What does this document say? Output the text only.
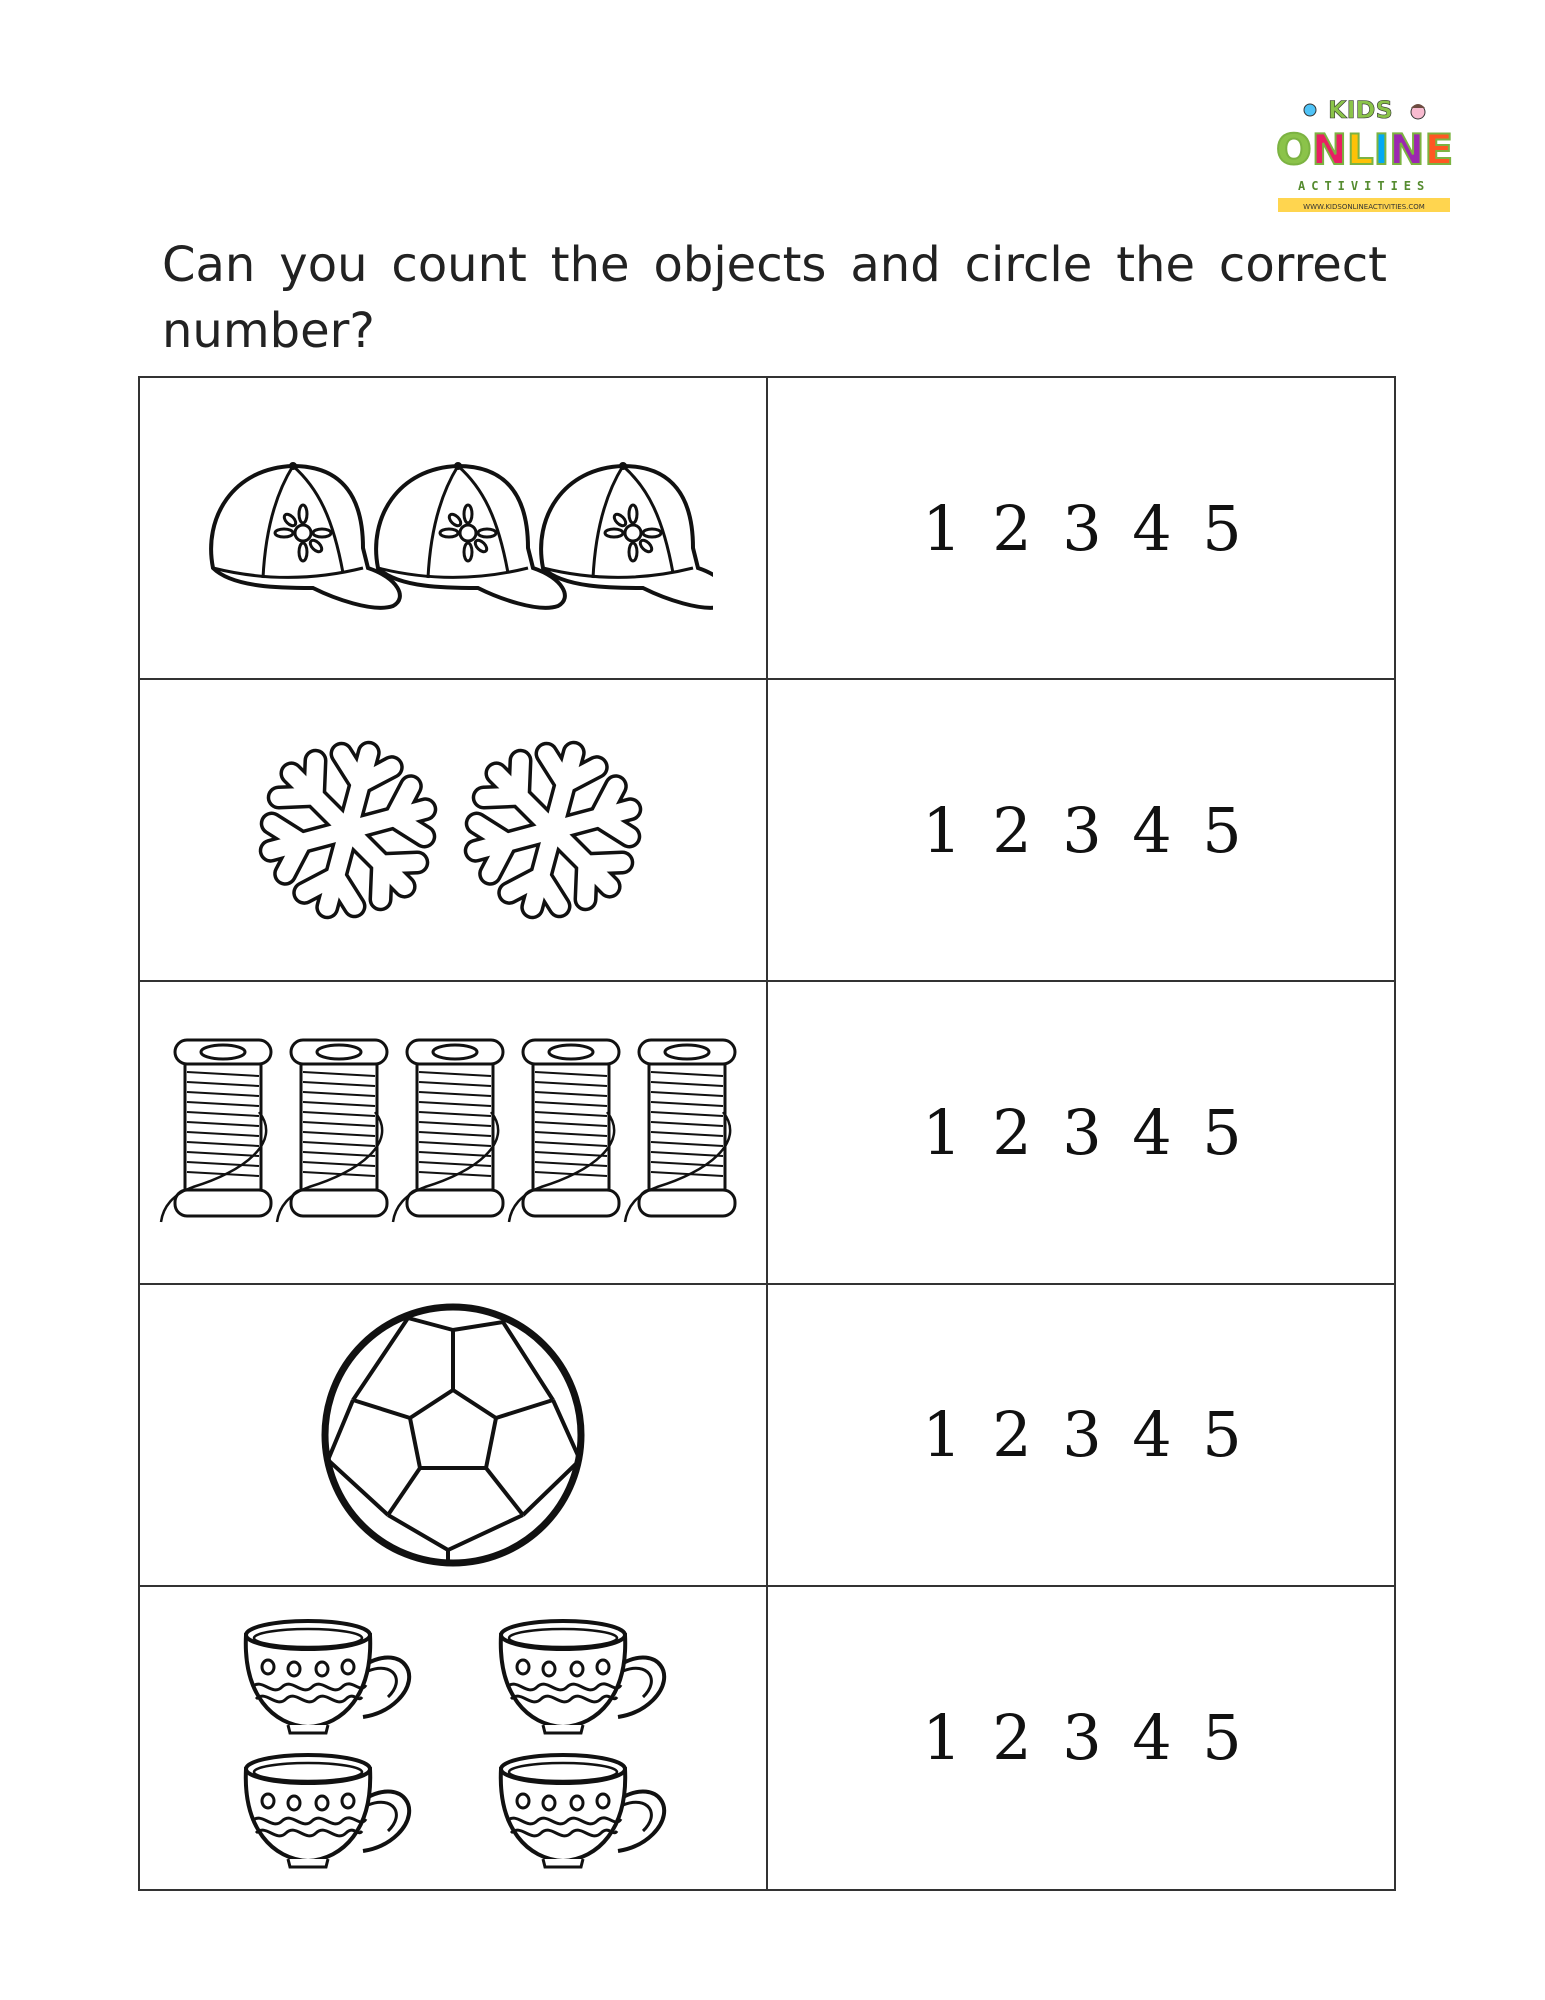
KIDS
ONLINE
ACTIVITIES
WWW.KIDSONLINEACTIVITIES.COM

Can you count the objects and circle the correct number?

1 2 3 4 5
1 2 3 4 5
1 2 3 4 5
1 2 3 4 5
1 2 3 4 5
